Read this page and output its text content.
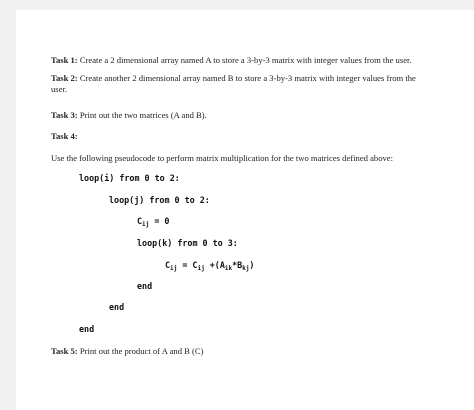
Task 1: Create a 2 dimensional array named A to store a 3-by-3 matrix with integer values from the user.
Task 2: Create another 2 dimensional array named B to store a 3-by-3 matrix with integer values from the user.
Task 3: Print out the two matrices (A and B).
Task 4:
Use the following pseudocode to perform matrix multiplication for the two matrices defined above:
loop(i) from 0 to 2:
loop(j) from 0 to 2:
$C_{ij} = 0$
loop(k) from 0 to 3:
$C_{ij} = C_{ij} +(A_{ik}*B_{kj})$
end
end
end
Task 5: Print out the product of A and B (C)
